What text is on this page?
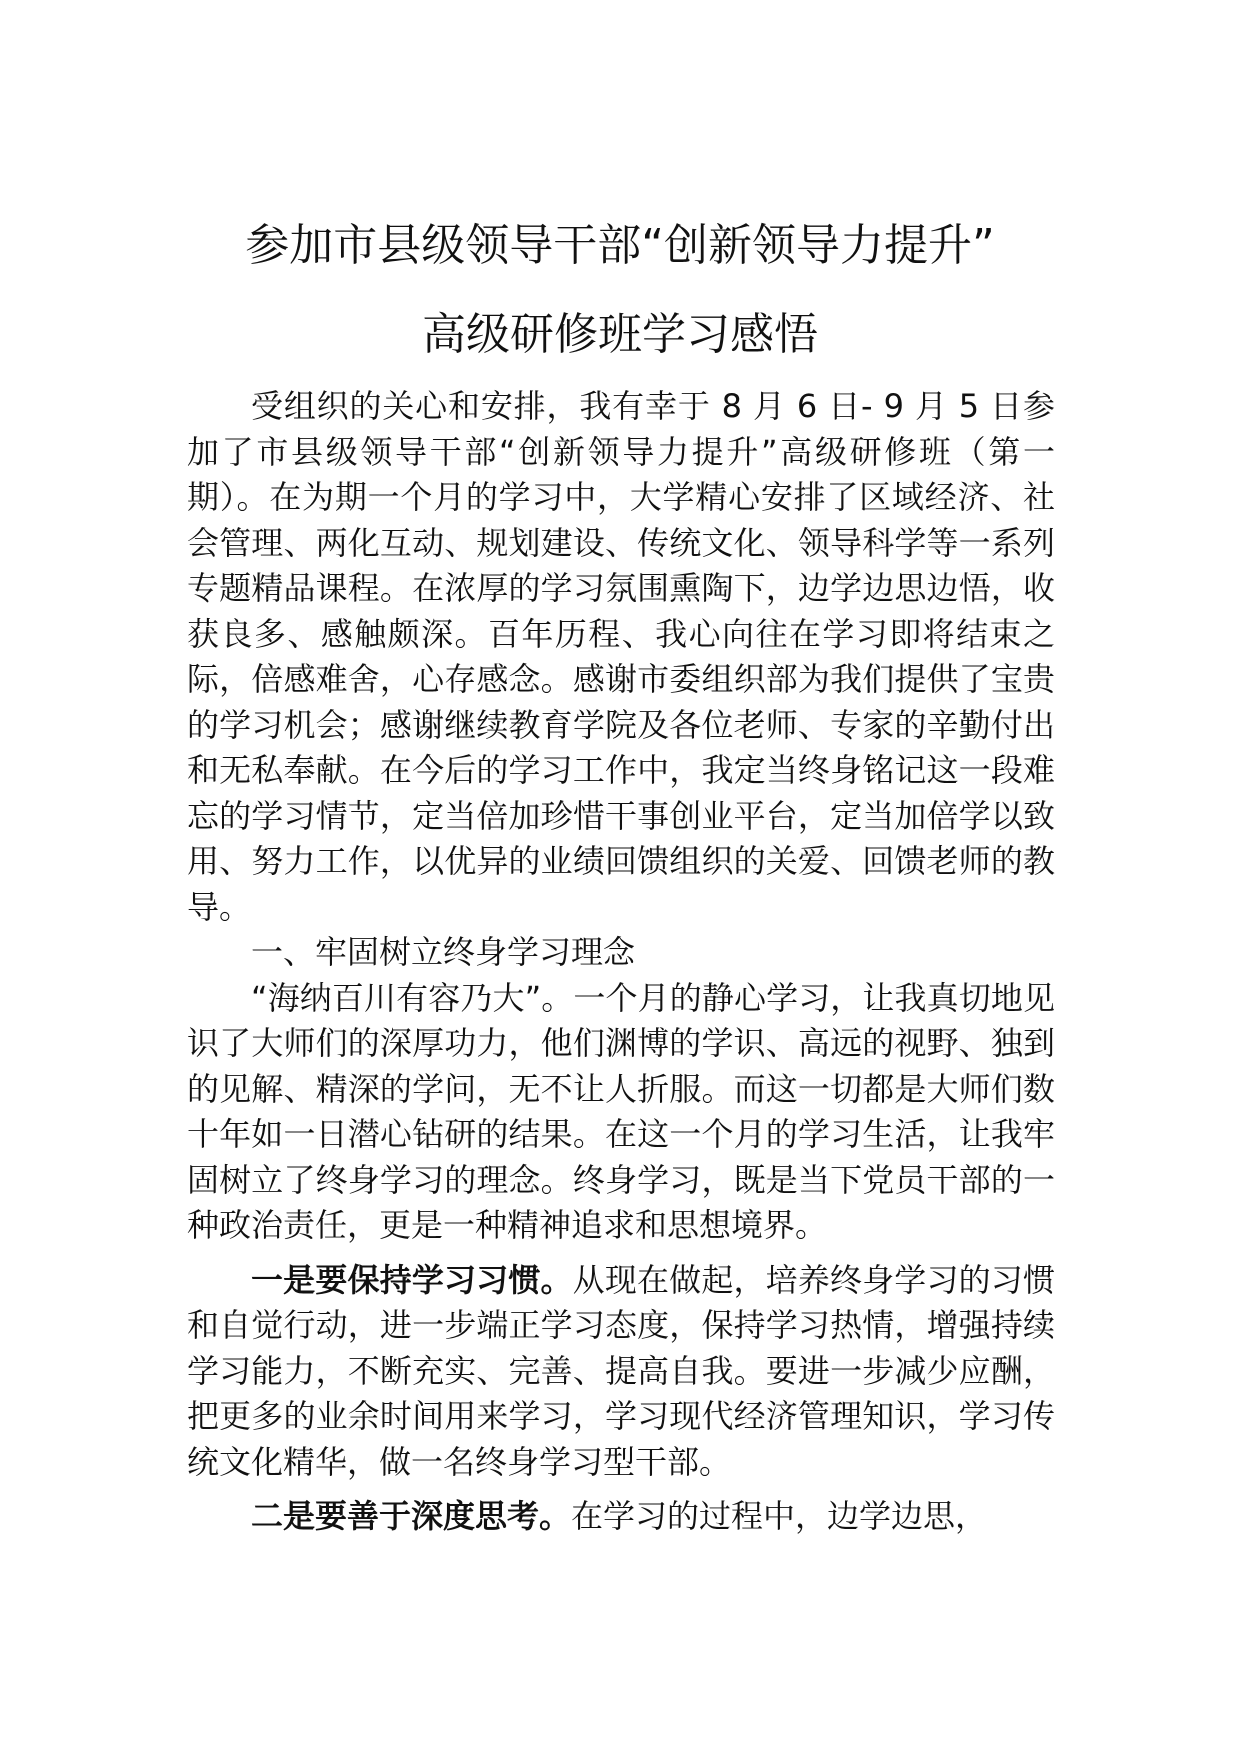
参加市县级领导干部“创新领导力提升”
高级研修班学习感悟

受组织的关心和安排，我有幸于 8 月 6 日- 9 月 5 日参加了市县级领导干部“创新领导力提升”高级研修班（第一期）。在为期一个月的学习中，大学精心安排了区域经济、社会管理、两化互动、规划建设、传统文化、领导科学等一系列专题精品课程。在浓厚的学习氛围熏陶下，边学边思边悟，收获良多、感触颇深。百年历程、我心向往在学习即将结束之际，倍感难舍，心存感念。感谢市委组织部为我们提供了宝贵的学习机会；感谢继续教育学院及各位老师、专家的辛勤付出和无私奉献。在今后的学习工作中，我定当终身铭记这一段难忘的学习情节，定当倍加珍惜干事创业平台，定当加倍学以致用、努力工作，以优异的业绩回馈组织的关爱、回馈老师的教导。

一、牢固树立终身学习理念

“海纳百川有容乃大”。一个月的静心学习，让我真切地见识了大师们的深厚功力，他们渊博的学识、高远的视野、独到的见解、精深的学问，无不让人折服。而这一切都是大师们数十年如一日潜心钻研的结果。在这一个月的学习生活，让我牢固树立了终身学习的理念。终身学习，既是当下党员干部的一种政治责任，更是一种精神追求和思想境界。

一是要保持学习习惯。从现在做起，培养终身学习的习惯和自觉行动，进一步端正学习态度，保持学习热情，增强持续学习能力，不断充实、完善、提高自我。要进一步减少应酬，把更多的业余时间用来学习，学习现代经济管理知识，学习传统文化精华，做一名终身学习型干部。

二是要善于深度思考。在学习的过程中，边学边思，
